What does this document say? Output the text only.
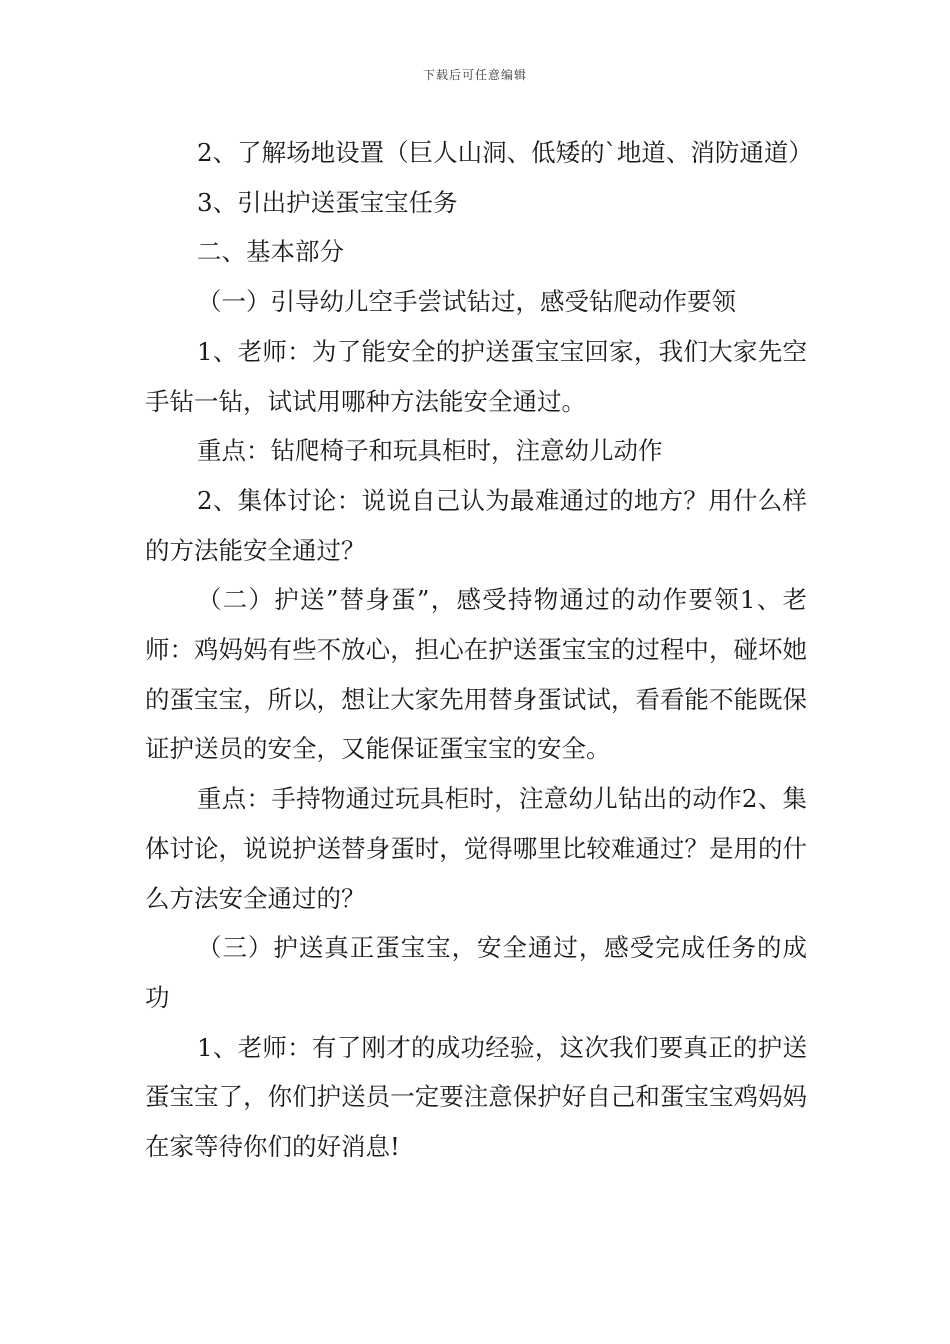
下载后可任意编辑

2、了解场地设置（巨人山洞、低矮的`地道、消防通道）

3、引出护送蛋宝宝任务

二、基本部分

（一）引导幼儿空手尝试钻过，感受钻爬动作要领

1、老师：为了能安全的护送蛋宝宝回家，我们大家先空手钻一钻，试试用哪种方法能安全通过。

重点：钻爬椅子和玩具柜时，注意幼儿动作

2、集体讨论：说说自己认为最难通过的地方？用什么样的方法能安全通过？

（二）护送”替身蛋”，感受持物通过的动作要领1、老师：鸡妈妈有些不放心，担心在护送蛋宝宝的过程中，碰坏她的蛋宝宝，所以，想让大家先用替身蛋试试，看看能不能既保证护送员的安全，又能保证蛋宝宝的安全。

重点：手持物通过玩具柜时，注意幼儿钻出的动作2、集体讨论，说说护送替身蛋时，觉得哪里比较难通过？是用的什么方法安全通过的？

（三）护送真正蛋宝宝，安全通过，感受完成任务的成功

1、老师：有了刚才的成功经验，这次我们要真正的护送蛋宝宝了，你们护送员一定要注意保护好自己和蛋宝宝鸡妈妈在家等待你们的好消息!
